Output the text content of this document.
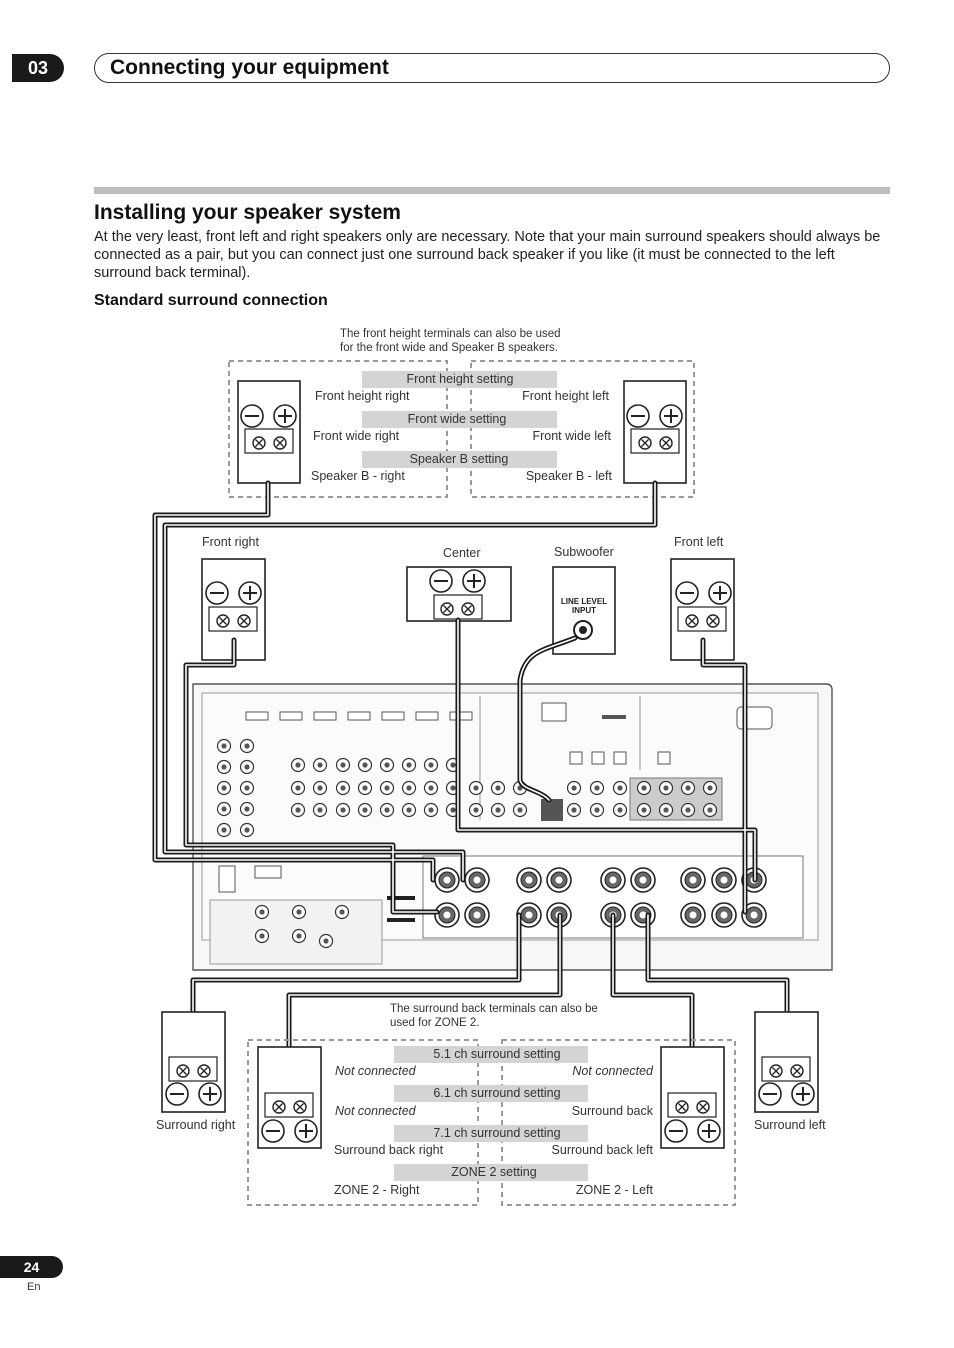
03	Connecting your equipment
Installing your speaker system

At the very least, front left and right speakers only are necessary. Note that your main surround speakers should always be connected as a pair, but you can connect just one surround back speaker if you like (it must be connected to the left surround back terminal).

Standard surround connection
The front height terminals can also be used
for the front wide and Speaker B speakers.
Front height setting
Front height right	Front height left
Front wide setting
Front wide right	Front wide left
Speaker B setting
Speaker B - right	Speaker B - left
Front right
Center	Subwoofer
Front left
LINE LEVEL
INPUT
The surround back terminals can also be
used for ZONE 2.
5.1 ch surround setting
Not connected	Not connected
6.1 ch surround setting
Not connected	Surround back
7.1 ch surround setting
Surround back right	Surround back left
ZONE 2 setting
ZONE 2 - Right	ZONE 2 - Left
Surround right	Surround left
24
En
